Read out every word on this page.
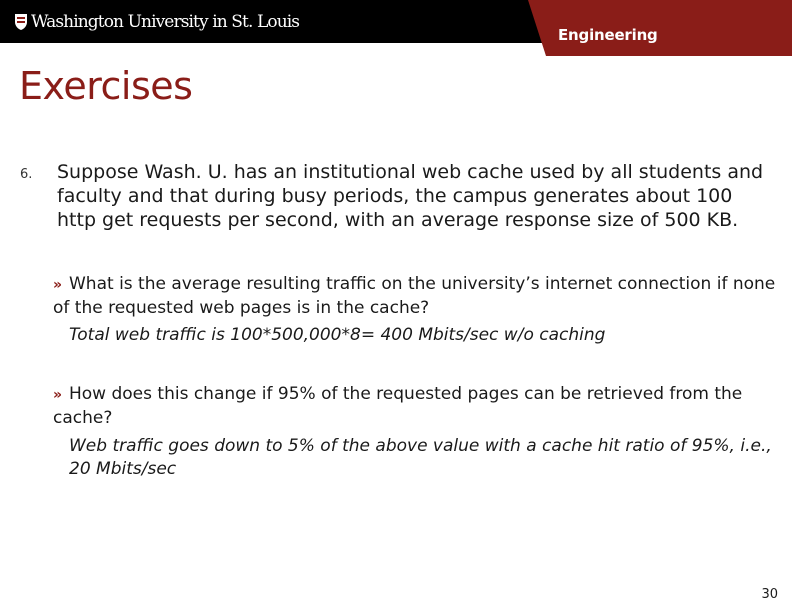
Washington University in St. Louis
Engineering
Exercises
6. Suppose Wash. U. has an institutional web cache used by all students and faculty and that during busy periods, the campus generates about 100 http get requests per second, with an average response size of 500 KB.
» What is the average resulting traffic on the university’s internet connection if none of the requested web pages is in the cache?
Total web traffic is 100*500,000*8= 400 Mbits/sec w/o caching
» How does this change if 95% of the requested pages can be retrieved from the cache?
Web traffic goes down to 5% of the above value with a cache hit ratio of 95%, i.e., 20 Mbits/sec
30
